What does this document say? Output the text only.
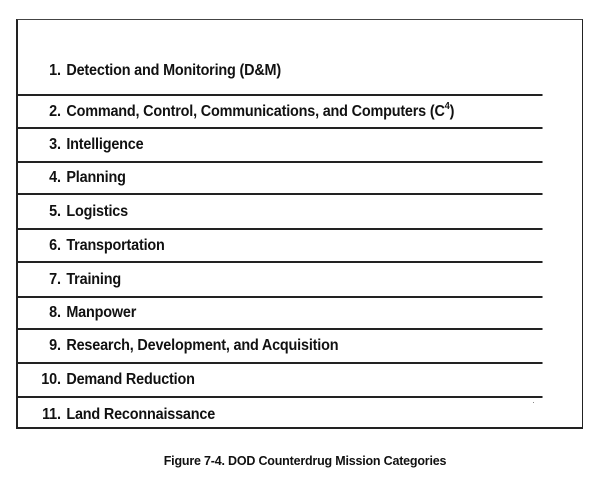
1. Detection and Monitoring (D&M)
2. Command, Control, Communications, and Computers $(C^4)$
3. Intelligence
4. Planning
5. Logistics
6. Transportation
7. Training
8. Manpower
9. Research, Development, and Acquisition
10. Demand Reduction
11. Land Reconnaissance
Figure 7-4. DOD Counterdrug Mission Categories
